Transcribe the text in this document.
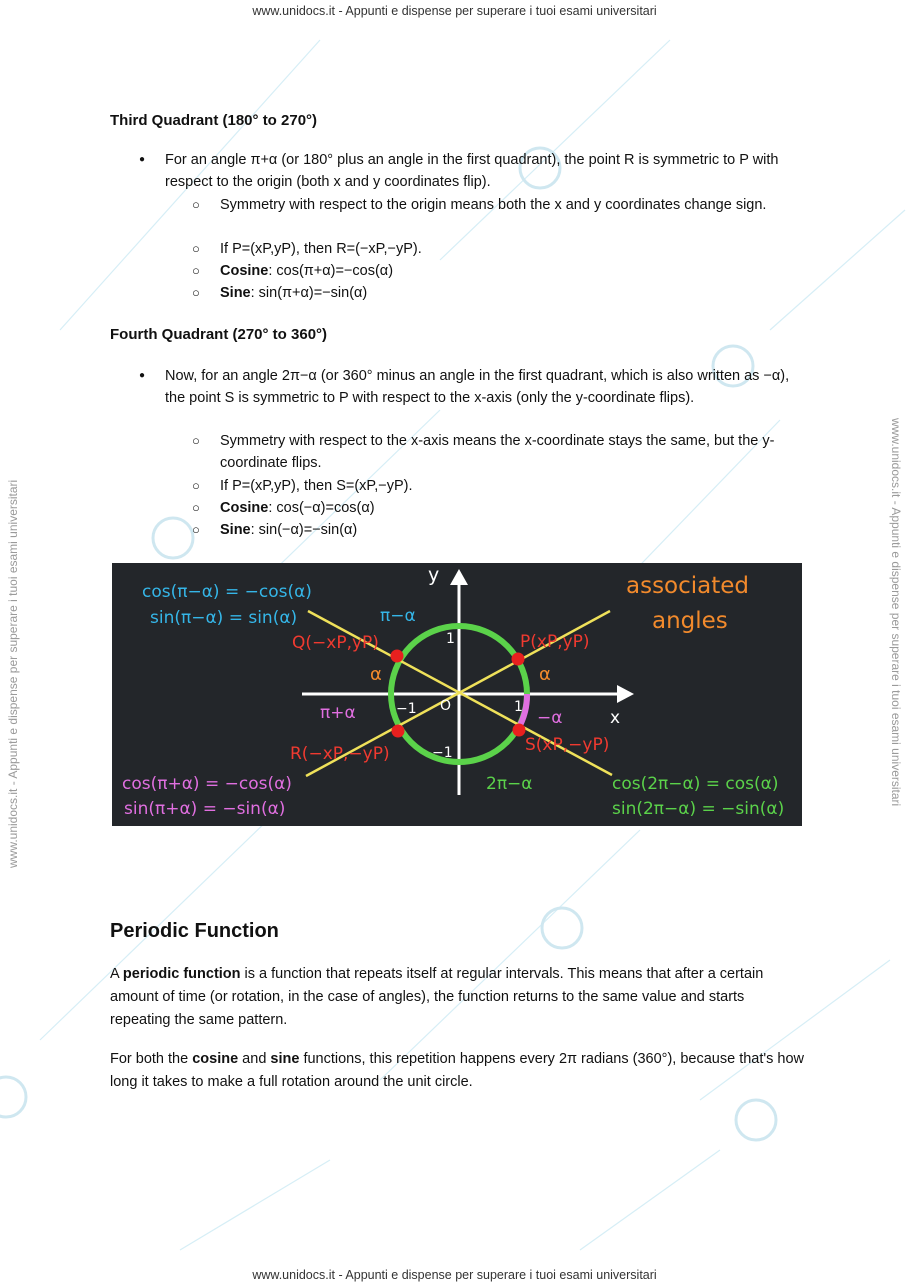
www.unidocs.it - Appunti e dispense per superare i tuoi esami universitari
www.unidocs.it - Appunti e dispense per superare i tuoi esami universitari
www.unidocs.it - Appunti e dispense per superare i tuoi esami universitari	www.unidocs.it - Appunti e dispense per superare i tuoi esami universitari
Third Quadrant (180° to 270°)
● For an angle π+α (or 180° plus an angle in the first quadrant), the point R is symmetric to P with respect to the origin (both x and y coordinates flip).
○ Symmetry with respect to the origin means both the x and y coordinates change sign.
○ If P=(xP,yP), then R=(−xP,−yP).
○ Cosine: cos(π+α)=−cos(α)
○ Sine: sin(π+α)=−sin(α)
Fourth Quadrant (270° to 360°)
● Now, for an angle 2π−α (or 360° minus an angle in the first quadrant, which is also written as −α), the point S is symmetric to P with respect to the x-axis (only the y-coordinate flips).
○ Symmetry with respect to the x-axis means the x-coordinate stays the same, but the y-coordinate flips.
○ If P=(xP,yP), then S=(xP,−yP).
○ Cosine: cos(−α)=cos(α)
○ Sine: sin(−α)=−sin(α)
Periodic Function
A periodic function is a function that repeats itself at regular intervals. This means that after a certain amount of time (or rotation, in the case of angles), the function returns to the same value and starts repeating the same pattern.
For both the cosine and sine functions, this repetition happens every 2π radians (360°), because that's how long it takes to make a full rotation around the unit circle.
cos(π−α) = −cos(α)
sin(π−α) = sin(α)	π−α
associated
angles
Q(−xP,yP)	P(xP,yP)
R(−xP,−yP)	S(xP,−yP)
α	α
π+α	−α
cos(π+α) = −cos(α)
sin(π+α) = −sin(α)
2π−α	cos(2π−α) = cos(α)
sin(2π−α) = −sin(α)
y
x
1
−1 O	1
−1
